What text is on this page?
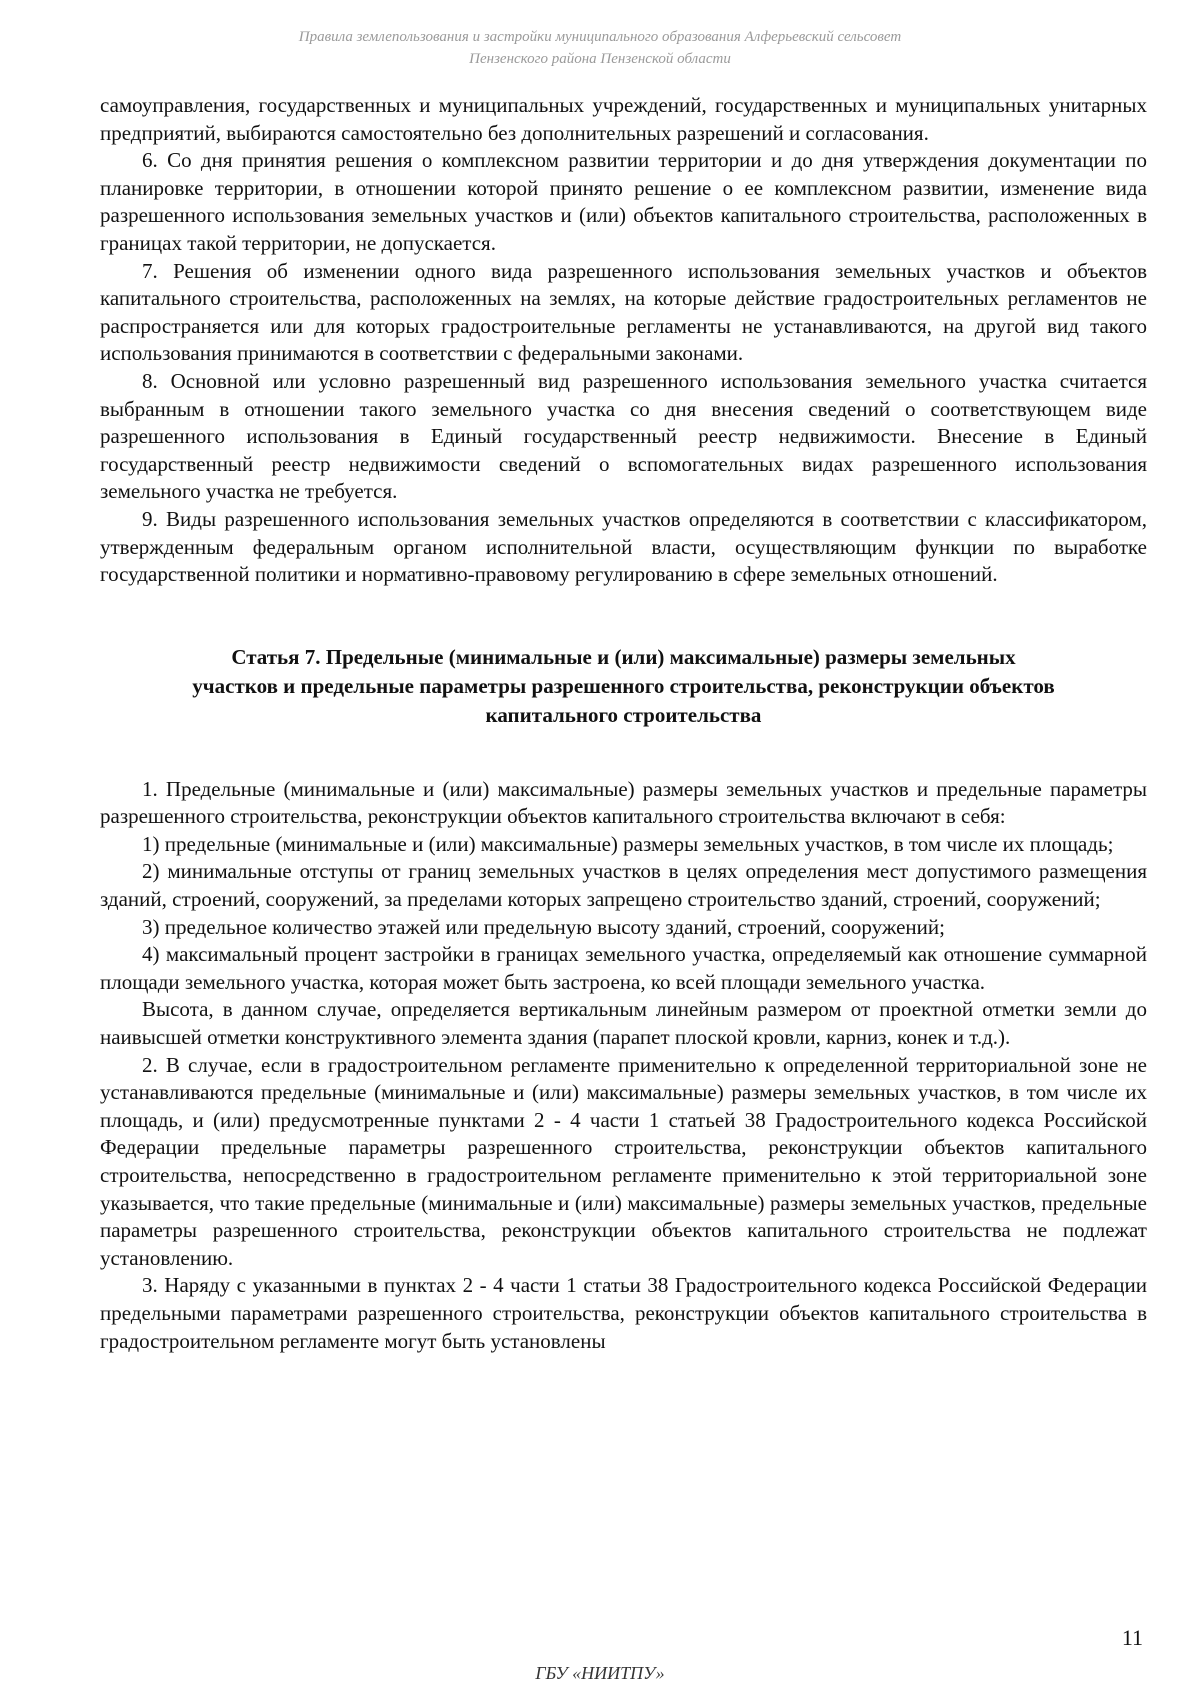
Правила землепользования и застройки муниципального образования Алферьевский сельсовет
Пензенского района Пензенской области

самоуправления, государственных и муниципальных учреждений, государственных и муниципальных унитарных предприятий, выбираются самостоятельно без дополнительных разрешений и согласования.

6. Со дня принятия решения о комплексном развитии территории и до дня утверждения документации по планировке территории, в отношении которой принято решение о ее комплексном развитии, изменение вида разрешенного использования земельных участков и (или) объектов капитального строительства, расположенных в границах такой территории, не допускается.

7. Решения об изменении одного вида разрешенного использования земельных участков и объектов капитального строительства, расположенных на землях, на которые действие градостроительных регламентов не распространяется или для которых градостроительные регламенты не устанавливаются, на другой вид такого использования принимаются в соответствии с федеральными законами.

8. Основной или условно разрешенный вид разрешенного использования земельного участка считается выбранным в отношении такого земельного участка со дня внесения сведений о соответствующем виде разрешенного использования в Единый государственный реестр недвижимости. Внесение в Единый государственный реестр недвижимости сведений о вспомогательных видах разрешенного использования земельного участка не требуется.

9. Виды разрешенного использования земельных участков определяются в соответствии с классификатором, утвержденным федеральным органом исполнительной власти, осуществляющим функции по выработке государственной политики и нормативно-правовому регулированию в сфере земельных отношений.

Статья 7. Предельные (минимальные и (или) максимальные) размеры земельных
участков и предельные параметры разрешенного строительства, реконструкции объектов
капитального строительства

1. Предельные (минимальные и (или) максимальные) размеры земельных участков и предельные параметры разрешенного строительства, реконструкции объектов капитального строительства включают в себя:

1) предельные (минимальные и (или) максимальные) размеры земельных участков, в том числе их площадь;

2) минимальные отступы от границ земельных участков в целях определения мест допустимого размещения зданий, строений, сооружений, за пределами которых запрещено строительство зданий, строений, сооружений;

3) предельное количество этажей или предельную высоту зданий, строений, сооружений;

4) максимальный процент застройки в границах земельного участка, определяемый как отношение суммарной площади земельного участка, которая может быть застроена, ко всей площади земельного участка.

Высота, в данном случае, определяется вертикальным линейным размером от проектной отметки земли до наивысшей отметки конструктивного элемента здания (парапет плоской кровли, карниз, конек и т.д.).

2. В случае, если в градостроительном регламенте применительно к определенной территориальной зоне не устанавливаются предельные (минимальные и (или) максимальные) размеры земельных участков, в том числе их площадь, и (или) предусмотренные пунктами 2 - 4 части 1 статьей 38 Градостроительного кодекса Российской Федерации предельные параметры разрешенного строительства, реконструкции объектов капитального строительства, непосредственно в градостроительном регламенте применительно к этой территориальной зоне указывается, что такие предельные (минимальные и (или) максимальные) размеры земельных участков, предельные параметры разрешенного строительства, реконструкции объектов капитального строительства не подлежат установлению.

3. Наряду с указанными в пунктах 2 - 4 части 1 статьи 38 Градостроительного кодекса Российской Федерации предельными параметрами разрешенного строительства, реконструкции объектов капитального строительства в градостроительном регламенте могут быть установлены

11
ГБУ «НИИТПУ»
